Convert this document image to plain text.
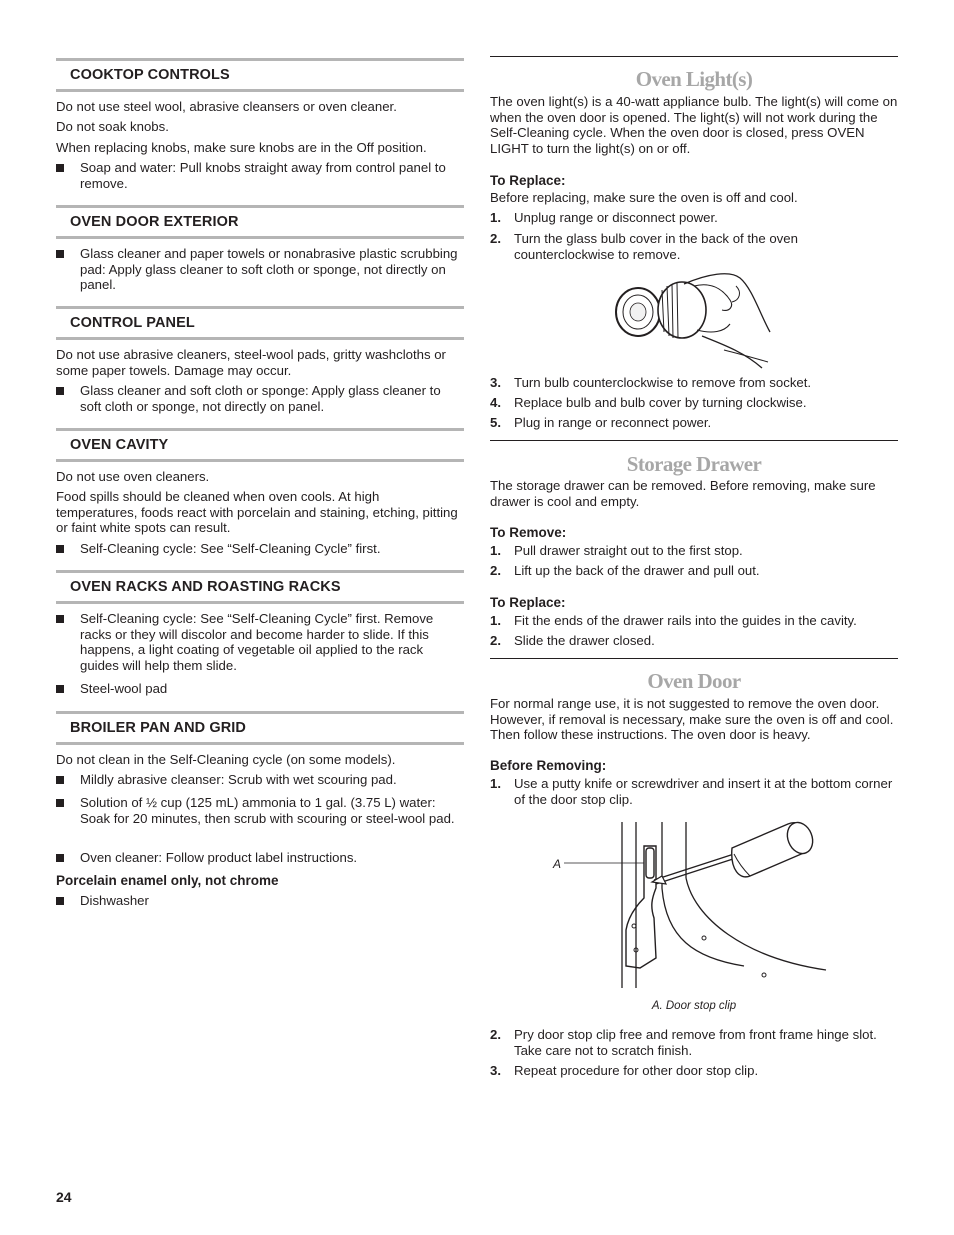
COOKTOP CONTROLS

Do not use steel wool, abrasive cleansers or oven cleaner.

Do not soak knobs.

When replacing knobs, make sure knobs are in the Off position.

Soap and water: Pull knobs straight away from control panel to remove.
OVEN DOOR EXTERIOR
Glass cleaner and paper towels or nonabrasive plastic scrubbing pad: Apply glass cleaner to soft cloth or sponge, not directly on panel.
CONTROL PANEL

Do not use abrasive cleaners, steel-wool pads, gritty washcloths or some paper towels. Damage may occur.

Glass cleaner and soft cloth or sponge: Apply glass cleaner to soft cloth or sponge, not directly on panel.
OVEN CAVITY

Do not use oven cleaners.

Food spills should be cleaned when oven cools. At high temperatures, foods react with porcelain and staining, etching, pitting or faint white spots can result.

Self-Cleaning cycle: See “Self-Cleaning Cycle” first.
OVEN RACKS AND ROASTING RACKS
Self-Cleaning cycle: See “Self-Cleaning Cycle” first. Remove racks or they will discolor and become harder to slide. If this happens, a light coating of vegetable oil applied to the rack guides will help them slide.
Steel-wool pad
BROILER PAN AND GRID

Do not clean in the Self-Cleaning cycle (on some models).

Mildly abrasive cleanser: Scrub with wet scouring pad.
Solution of ½ cup (125 mL) ammonia to 1 gal. (3.75 L) water: Soak for 20 minutes, then scrub with scouring or steel-wool pad.
Oven cleaner: Follow product label instructions.
Porcelain enamel only, not chrome
Dishwasher
Oven Light(s)

The oven light(s) is a 40-watt appliance bulb. The light(s) will come on when the oven door is opened. The light(s) will not work during the Self-Cleaning cycle. When the oven door is closed, press OVEN LIGHT to turn the light(s) on or off.

To Replace:

Before replacing, make sure the oven is off and cool.

1. Unplug range or disconnect power.
2. Turn the glass bulb cover in the back of the oven counterclockwise to remove.
3. Turn bulb counterclockwise to remove from socket.
4. Replace bulb and bulb cover by turning clockwise.
5. Plug in range or reconnect power.
Storage Drawer

The storage drawer can be removed. Before removing, make sure drawer is cool and empty.

To Remove:
1. Pull drawer straight out to the first stop.
2. Lift up the back of the drawer and pull out.
To Replace:
1. Fit the ends of the drawer rails into the guides in the cavity.
2. Slide the drawer closed.
Oven Door

For normal range use, it is not suggested to remove the oven door. However, if removal is necessary, make sure the oven is off and cool. Then follow these instructions. The oven door is heavy.

Before Removing:
1. Use a putty knife or screwdriver and insert it at the bottom corner of the door stop clip.
A
A. Door stop clip
2. Pry door stop clip free and remove from front frame hinge slot. Take care not to scratch finish.
3. Repeat procedure for other door stop clip.
24
